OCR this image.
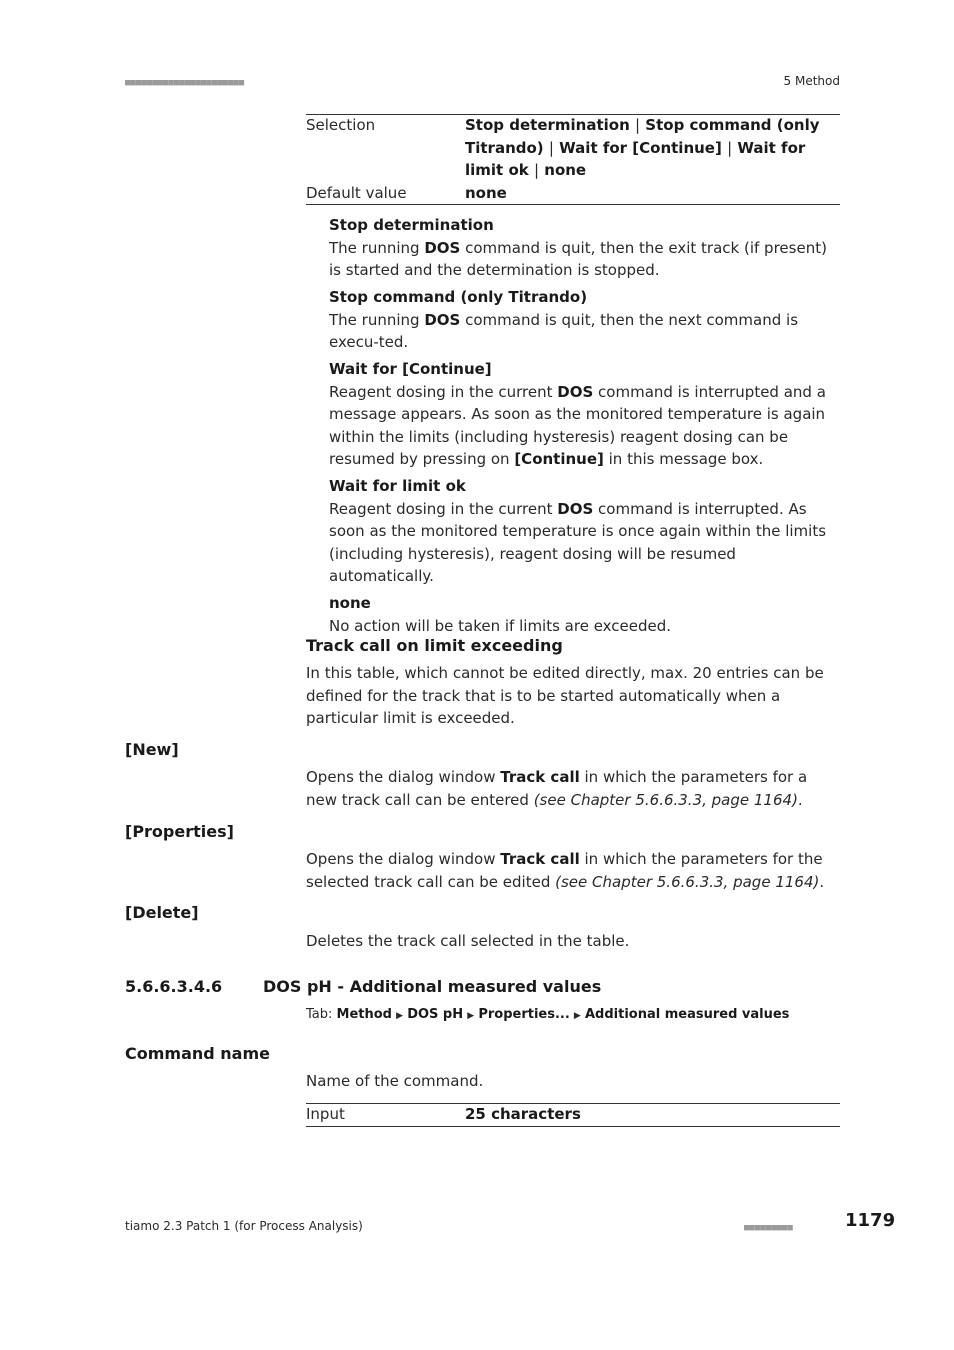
■■■■■■■■■■■■■■■■■■■■■■	5 Method
Selection	Stop determination | Stop command (only Titrando) | Wait for [Continue] | Wait for limit ok | none
Default value	none
Stop determination
The running DOS command is quit, then the exit track (if present) is started and the determination is stopped.
Stop command (only Titrando)
The running DOS command is quit, then the next command is execu-ted.
Wait for [Continue]
Reagent dosing in the current DOS command is interrupted and a message appears. As soon as the monitored temperature is again within the limits (including hysteresis) reagent dosing can be resumed by pressing on [Continue] in this message box.
Wait for limit ok
Reagent dosing in the current DOS command is interrupted. As soon as the monitored temperature is once again within the limits (including hysteresis), reagent dosing will be resumed automatically.
none
No action will be taken if limits are exceeded.
Track call on limit exceeding
In this table, which cannot be edited directly, max. 20 entries can be defined for the track that is to be started automatically when a particular limit is exceeded.
[New]
Opens the dialog window Track call in which the parameters for a new track call can be entered (see Chapter 5.6.6.3.3, page 1164).
[Properties]
Opens the dialog window Track call in which the parameters for the selected track call can be edited (see Chapter 5.6.6.3.3, page 1164).
[Delete]
Deletes the track call selected in the table.
5.6.6.3.4.6	DOS pH - Additional measured values
Tab: Method ▶ DOS pH ▶ Properties... ▶ Additional measured values
Command name
Name of the command.
Input	25 characters
tiamo 2.3 Patch 1 (for Process Analysis)	■■■■■■■■■	1179
